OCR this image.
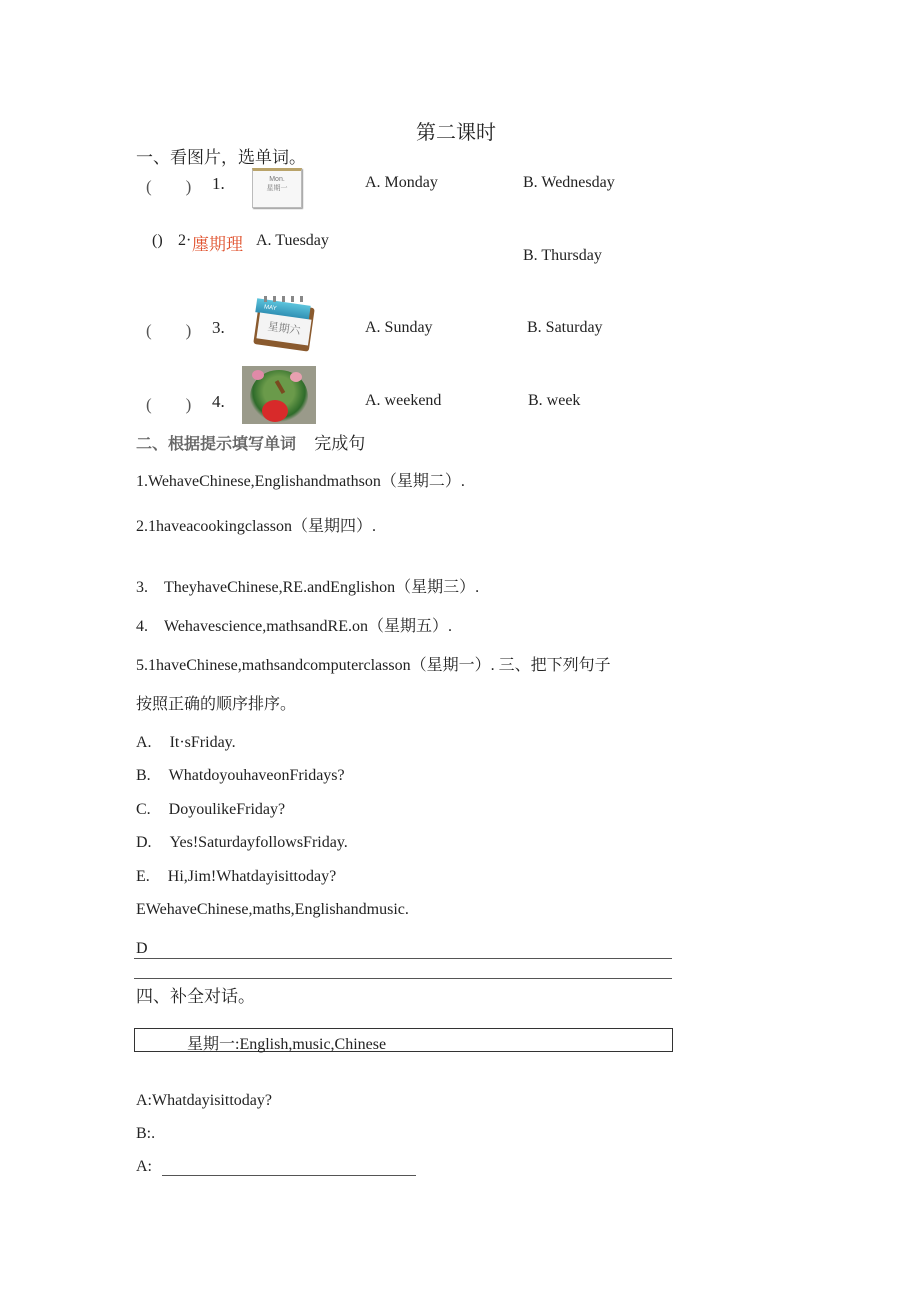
第二课时
一、看图片，选单词。
(　　) 1.	Mon.
星期一	A. Monday	B. Wednesday
() 2· 廛期理 A. Tuesday
B. Thursday
(　　) 3.
MAY
星期六	A. Sunday	B. Saturday
(　　) 4.	A. weekend	B. week
二、根据提示填写单词 完成句
1.WehaveChinese,Englishandmathson（星期二）.
2.1haveacookingclasson（星期四）.
3.　TheyhaveChinese,RE.andEnglishon（星期三）.
4.　Wehavescience,mathsandRE.on（星期五）.
5.1haveChinese,mathsandcomputerclasson（星期一）. 三、把下列句子
按照正确的顺序排序。
A. It·sFriday.
B. WhatdoyouhaveonFridays?
C. DoyoulikeFriday?
D. Yes!SaturdayfollowsFriday.
E. Hi,Jim!Whatdayisittoday?
EWehaveChinese,maths,Englishandmusic.
D
四、补全对话。
星期一:English,music,Chinese
A:Whatdayisittoday?
B:.
A:
